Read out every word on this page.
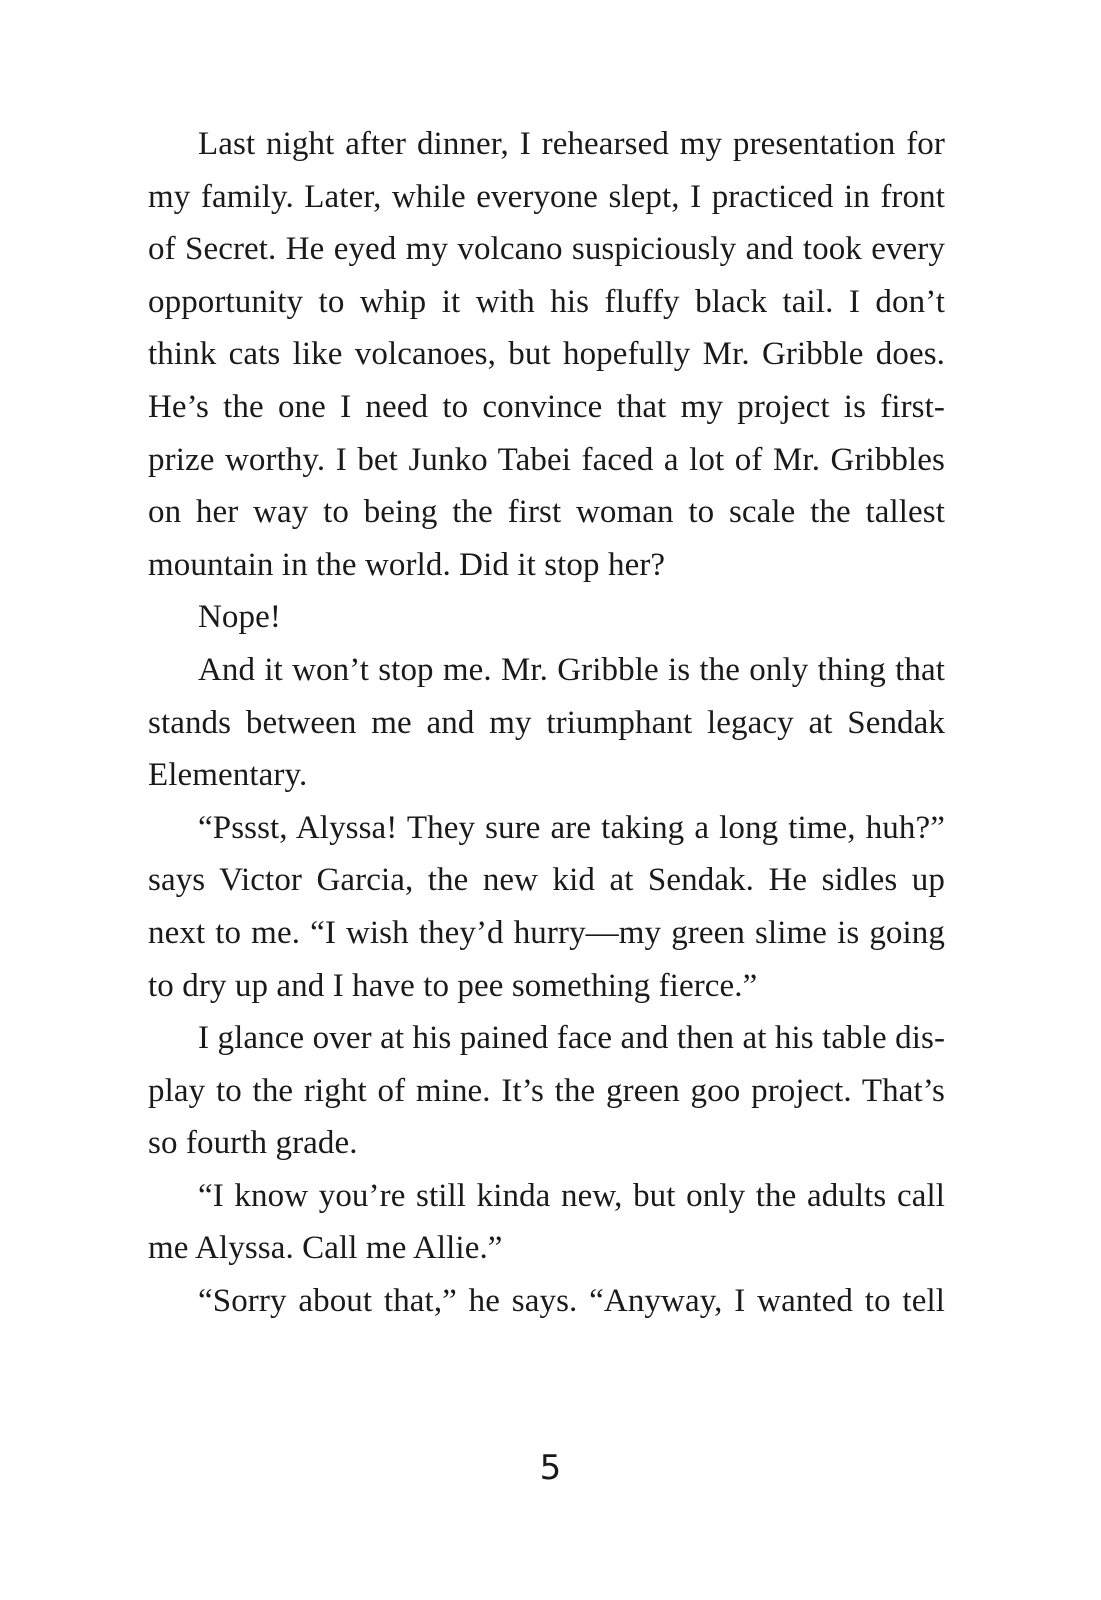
Last night after dinner, I rehearsed my presentation for my family. Later, while everyone slept, I practiced in front of Secret. He eyed my volcano suspiciously and took every opportunity to whip it with his fluffy black tail. I don’t think cats like volcanoes, but hopefully Mr. Gribble does. He’s the one I need to convince that my project is first-prize worthy. I bet Junko Tabei faced a lot of Mr. Gribbles on her way to being the first woman to scale the tallest mountain in the world. Did it stop her?

Nope!

And it won’t stop me. Mr. Gribble is the only thing that stands between me and my triumphant legacy at Sendak Elementary.

“Pssst, Alyssa! They sure are taking a long time, huh?” says Victor Garcia, the new kid at Sendak. He sidles up next to me. “I wish they’d hurry—my green slime is going to dry up and I have to pee something fierce.”

I glance over at his pained face and then at his table display to the right of mine. It’s the green goo project. That’s so fourth grade.

“I know you’re still kinda new, but only the adults call me Alyssa. Call me Allie.”

“Sorry about that,” he says. “Anyway, I wanted to tell

5
